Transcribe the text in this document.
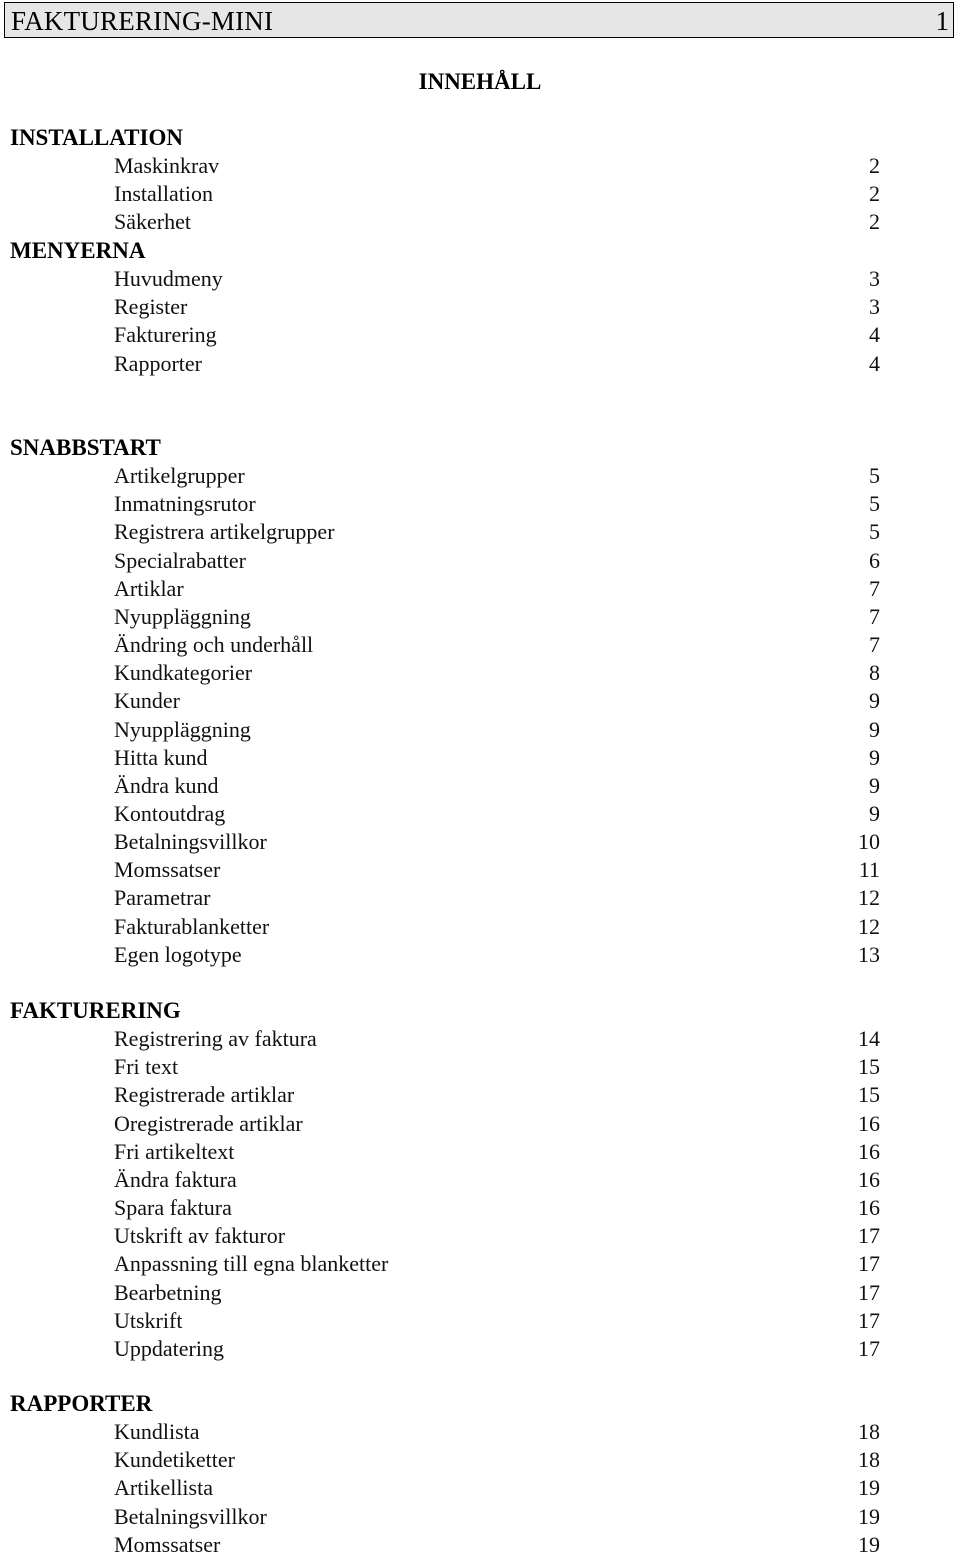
FAKTURERING-MINI	1
INNEHÅLL
INSTALLATION
Maskinkrav	2
Installation	2
Säkerhet	2
MENYERNA
Huvudmeny	3
Register	3
Fakturering	4
Rapporter	4
SNABBSTART
Artikelgrupper	5
Inmatningsrutor	5
Registrera artikelgrupper	5
Specialrabatter	6
Artiklar	7
Nyuppläggning	7
Ändring och underhåll	7
Kundkategorier	8
Kunder	9
Nyuppläggning	9
Hitta kund	9
Ändra kund	9
Kontoutdrag	9
Betalningsvillkor	10
Momssatser	11
Parametrar	12
Fakturablanketter	12
Egen logotype	13
FAKTURERING
Registrering av faktura	14
Fri text	15
Registrerade artiklar	15
Oregistrerade artiklar	16
Fri artikeltext	16
Ändra faktura	16
Spara faktura	16
Utskrift av fakturor	17
Anpassning till egna blanketter	17
Bearbetning	17
Utskrift	17
Uppdatering	17
RAPPORTER
Kundlista	18
Kundetiketter	18
Artikellista	19
Betalningsvillkor	19
Momssatser	19
